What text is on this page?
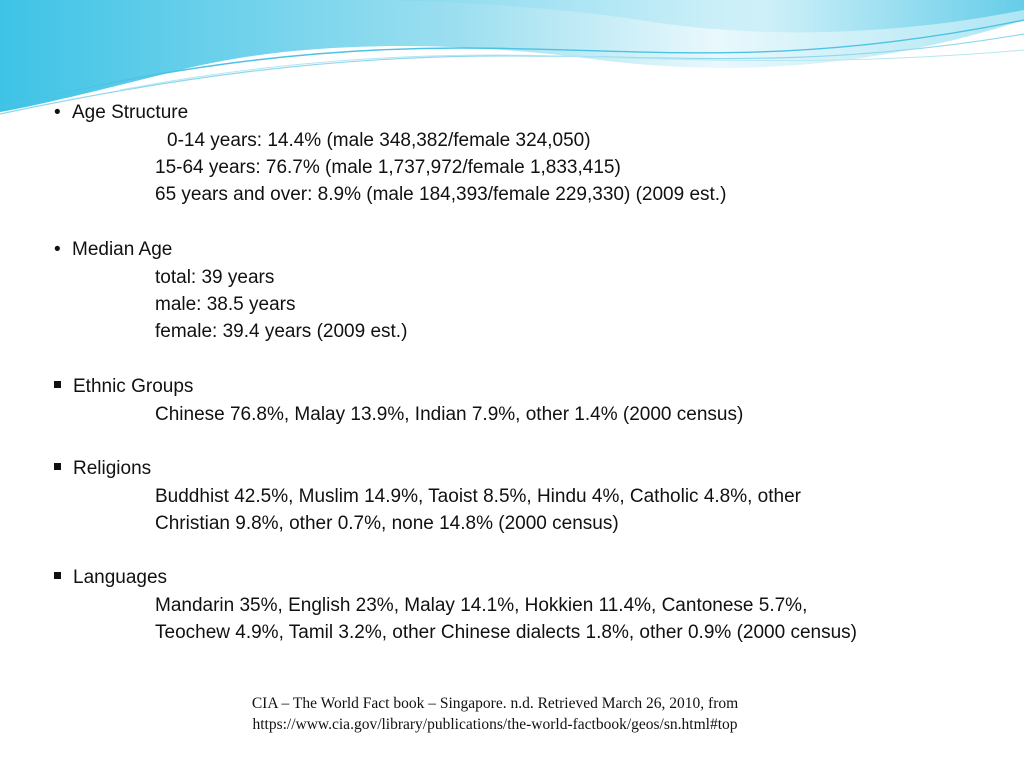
• Age Structure
0-14 years: 14.4% (male 348,382/female 324,050)
15-64 years: 76.7% (male 1,737,972/female 1,833,415)
65 years and over: 8.9% (male 184,393/female 229,330) (2009 est.)
• Median Age
total: 39 years
male: 38.5 years
female: 39.4 years (2009 est.)
Ethnic Groups
Chinese 76.8%, Malay 13.9%, Indian 7.9%, other 1.4% (2000 census)
Religions
Buddhist 42.5%, Muslim 14.9%, Taoist 8.5%, Hindu 4%, Catholic 4.8%, other
Christian 9.8%, other 0.7%, none 14.8% (2000 census)
Languages
Mandarin 35%, English 23%, Malay 14.1%, Hokkien 11.4%, Cantonese 5.7%,
Teochew 4.9%, Tamil 3.2%, other Chinese dialects 1.8%, other 0.9% (2000 census)
CIA – The World Fact book – Singapore. n.d. Retrieved March 26, 2010, from
https://www.cia.gov/library/publications/the-world-factbook/geos/sn.html#top
